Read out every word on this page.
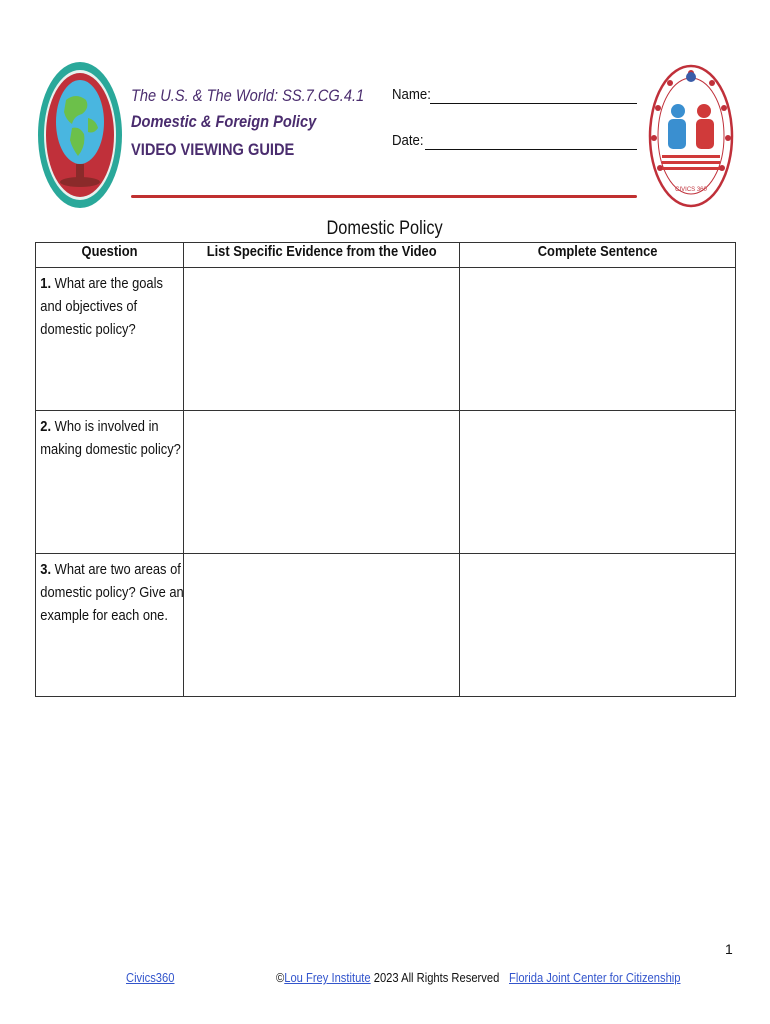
The U.S. & The World: SS.7.CG.4.1
Domestic & Foreign Policy
VIDEO VIEWING GUIDE
Name:
Date:
CIVICS 360
Domestic Policy
Question	List Specific Evidence from the Video	Complete Sentence

1. What are the goals and objectives of domestic policy?		

2. Who is involved in making domestic policy?		

3. What are two areas of domestic policy? Give an example for each one.		

1
Civics360	©Lou Frey Institute 2023 All Rights Reserved Florida Joint Center for Citizenship
